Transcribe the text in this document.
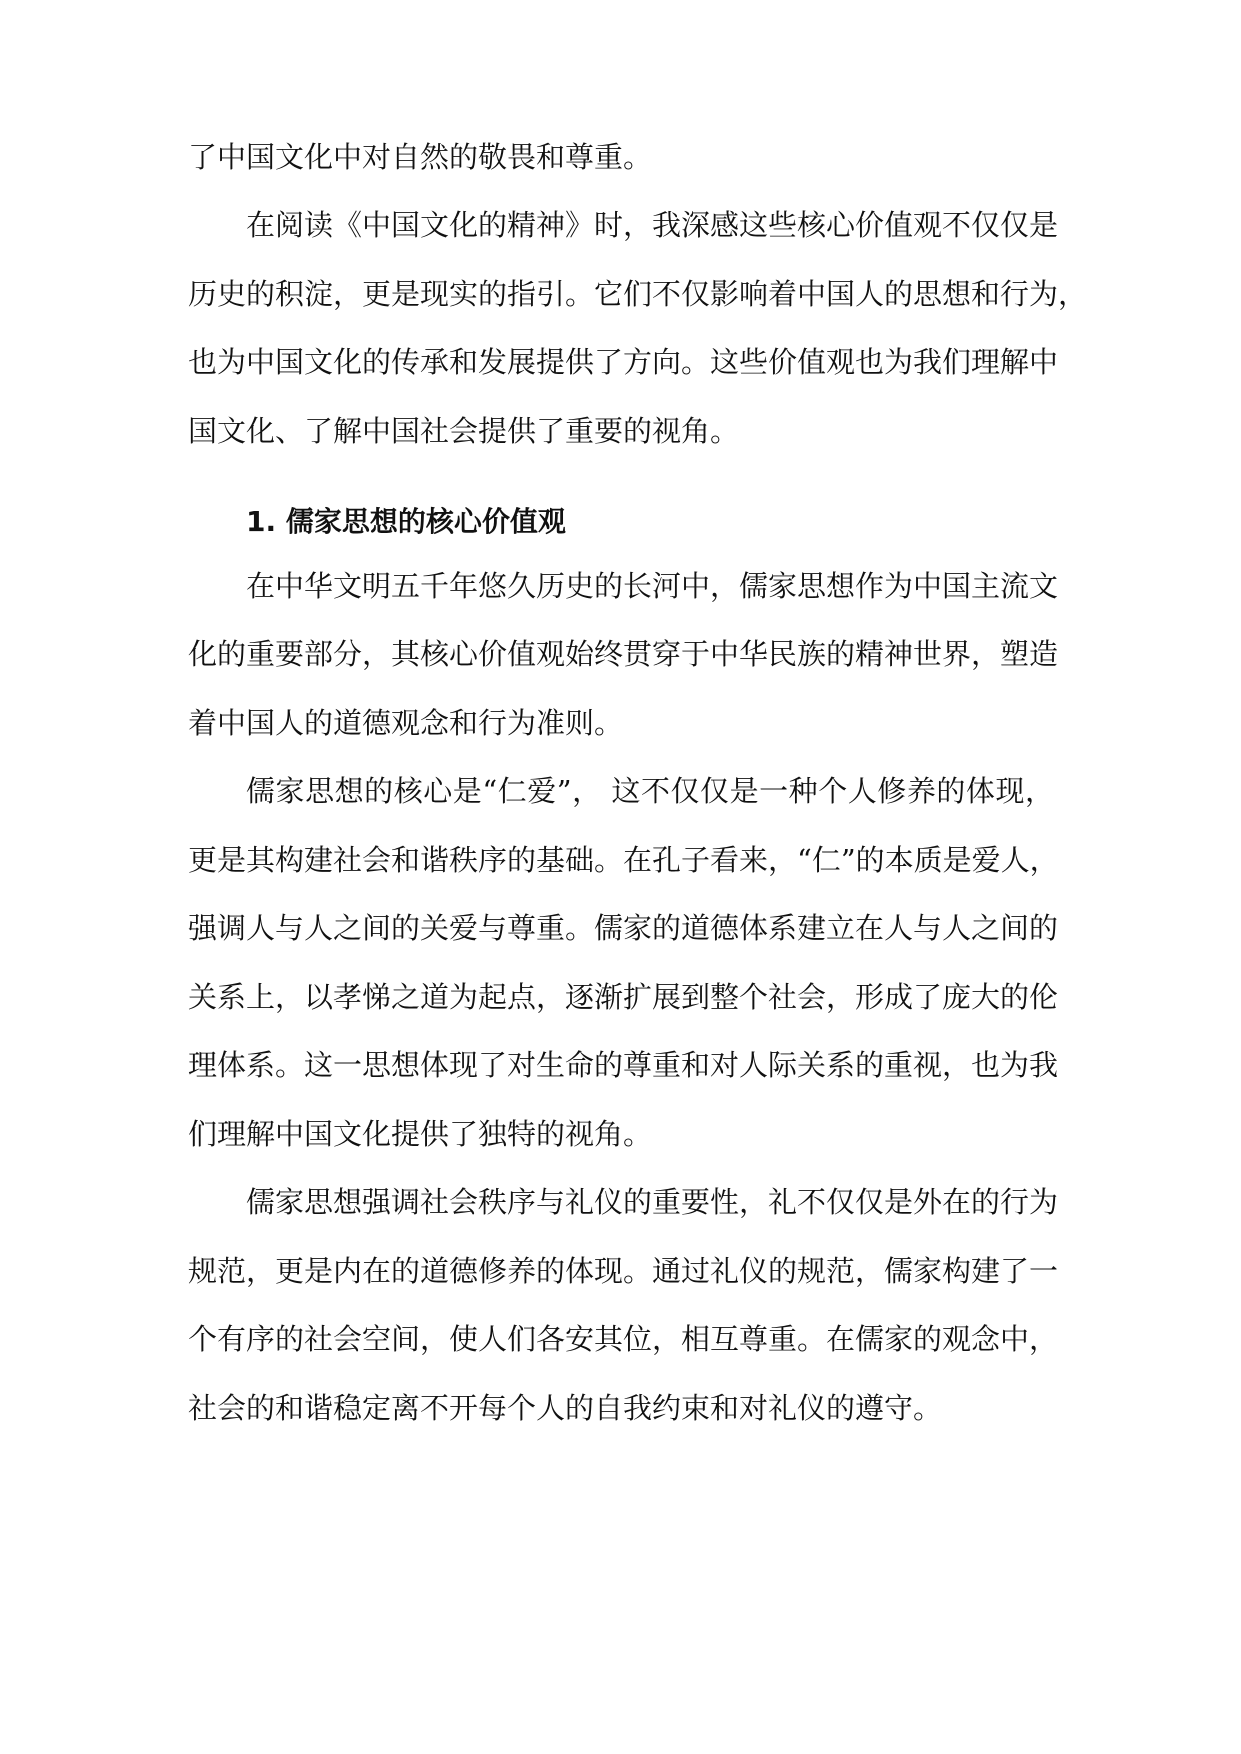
了中国文化中对自然的敬畏和尊重。
在阅读《中国文化的精神》时，我深感这些核心价值观不仅仅是
历史的积淀，更是现实的指引。它们不仅影响着中国人的思想和行为，
也为中国文化的传承和发展提供了方向。这些价值观也为我们理解中
国文化、了解中国社会提供了重要的视角。
1. 儒家思想的核心价值观
在中华文明五千年悠久历史的长河中，儒家思想作为中国主流文
化的重要部分，其核心价值观始终贯穿于中华民族的精神世界，塑造
着中国人的道德观念和行为准则。
儒家思想的核心是“仁爱”， 这不仅仅是一种个人修养的体现，
更是其构建社会和谐秩序的基础。在孔子看来，“仁”的本质是爱人，
强调人与人之间的关爱与尊重。儒家的道德体系建立在人与人之间的
关系上，以孝悌之道为起点，逐渐扩展到整个社会，形成了庞大的伦
理体系。这一思想体现了对生命的尊重和对人际关系的重视，也为我
们理解中国文化提供了独特的视角。
儒家思想强调社会秩序与礼仪的重要性，礼不仅仅是外在的行为
规范，更是内在的道德修养的体现。通过礼仪的规范，儒家构建了一
个有序的社会空间，使人们各安其位，相互尊重。在儒家的观念中，
社会的和谐稳定离不开每个人的自我约束和对礼仪的遵守。
